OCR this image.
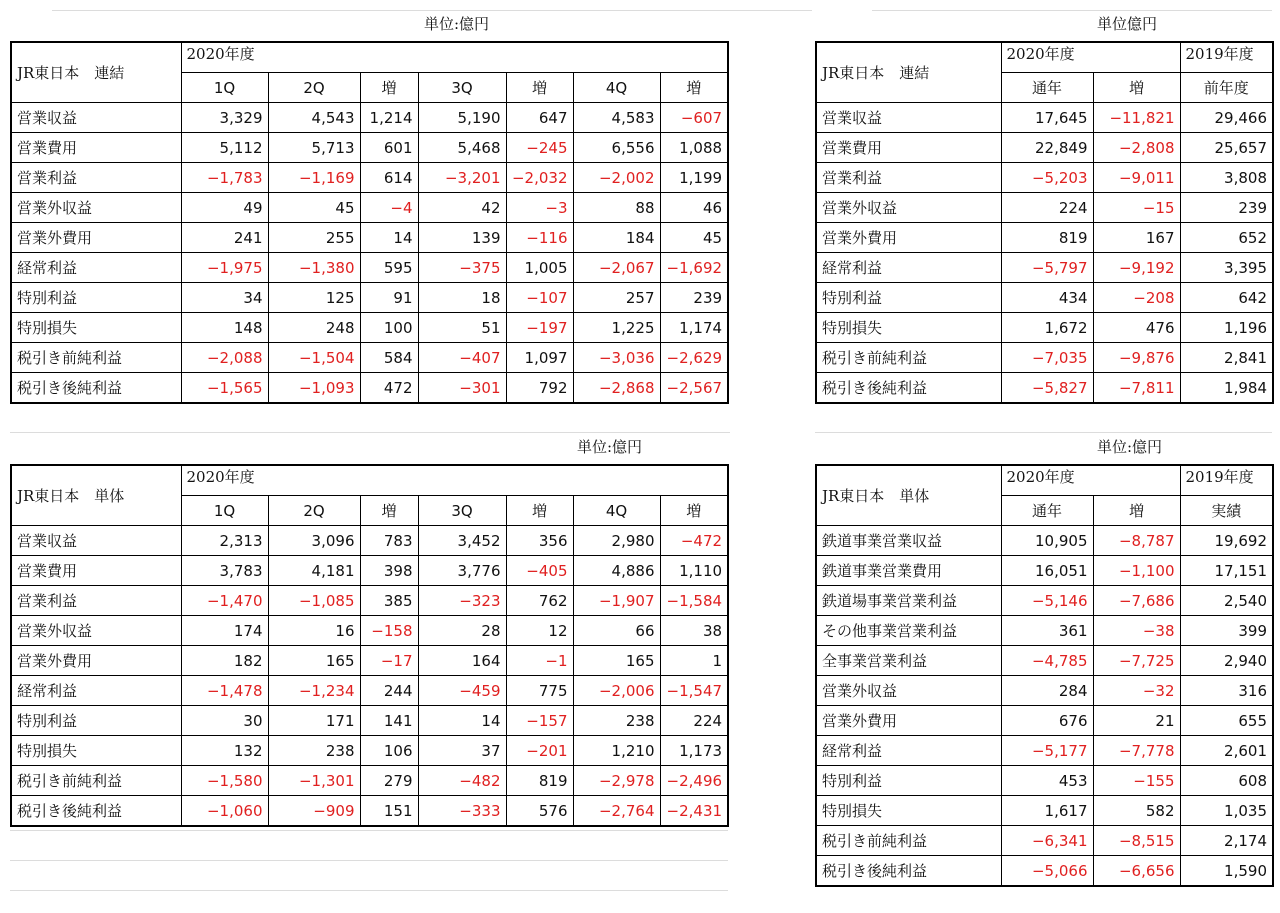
単位:億円	単位億円
単位:億円	単位:億円
JR東日本　連結	2020年度						
	1Q	2Q	増	3Q	増	4Q	増
営業収益	3,329	4,543	1,214	5,190	647	4,583	−607
営業費用	5,112	5,713	601	5,468	−245	6,556	1,088
営業利益	−1,783	−1,169	614	−3,201	−2,032	−2,002	1,199
営業外収益	49	45	−4	42	−3	88	46
営業外費用	241	255	14	139	−116	184	45
経常利益	−1,975	−1,380	595	−375	1,005	−2,067	−1,692
特別利益	34	125	91	18	−107	257	239
特別損失	148	248	100	51	−197	1,225	1,174
税引き前純利益	−2,088	−1,504	584	−407	1,097	−3,036	−2,629
税引き後純利益	−1,565	−1,093	472	−301	792	−2,868	−2,567
JR東日本　連結	2020年度		2019年度
	通年	増	前年度
営業収益	17,645	−11,821	29,466
営業費用	22,849	−2,808	25,657
営業利益	−5,203	−9,011	3,808
営業外収益	224	−15	239
営業外費用	819	167	652
経常利益	−5,797	−9,192	3,395
特別利益	434	−208	642
特別損失	1,672	476	1,196
税引き前純利益	−7,035	−9,876	2,841
税引き後純利益	−5,827	−7,811	1,984
JR東日本　単体	2020年度						
	1Q	2Q	増	3Q	増	4Q	増
営業収益	2,313	3,096	783	3,452	356	2,980	−472
営業費用	3,783	4,181	398	3,776	−405	4,886	1,110
営業利益	−1,470	−1,085	385	−323	762	−1,907	−1,584
営業外収益	174	16	−158	28	12	66	38
営業外費用	182	165	−17	164	−1	165	1
経常利益	−1,478	−1,234	244	−459	775	−2,006	−1,547
特別利益	30	171	141	14	−157	238	224
特別損失	132	238	106	37	−201	1,210	1,173
税引き前純利益	−1,580	−1,301	279	−482	819	−2,978	−2,496
税引き後純利益	−1,060	−909	151	−333	576	−2,764	−2,431
JR東日本　単体	2020年度		2019年度
	通年	増	実績
鉄道事業営業収益	10,905	−8,787	19,692
鉄道事業営業費用	16,051	−1,100	17,151
鉄道場事業営業利益	−5,146	−7,686	2,540
その他事業営業利益	361	−38	399
全事業営業利益	−4,785	−7,725	2,940
営業外収益	284	−32	316
営業外費用	676	21	655
経常利益	−5,177	−7,778	2,601
特別利益	453	−155	608
特別損失	1,617	582	1,035
税引き前純利益	−6,341	−8,515	2,174
税引き後純利益	−5,066	−6,656	1,590
